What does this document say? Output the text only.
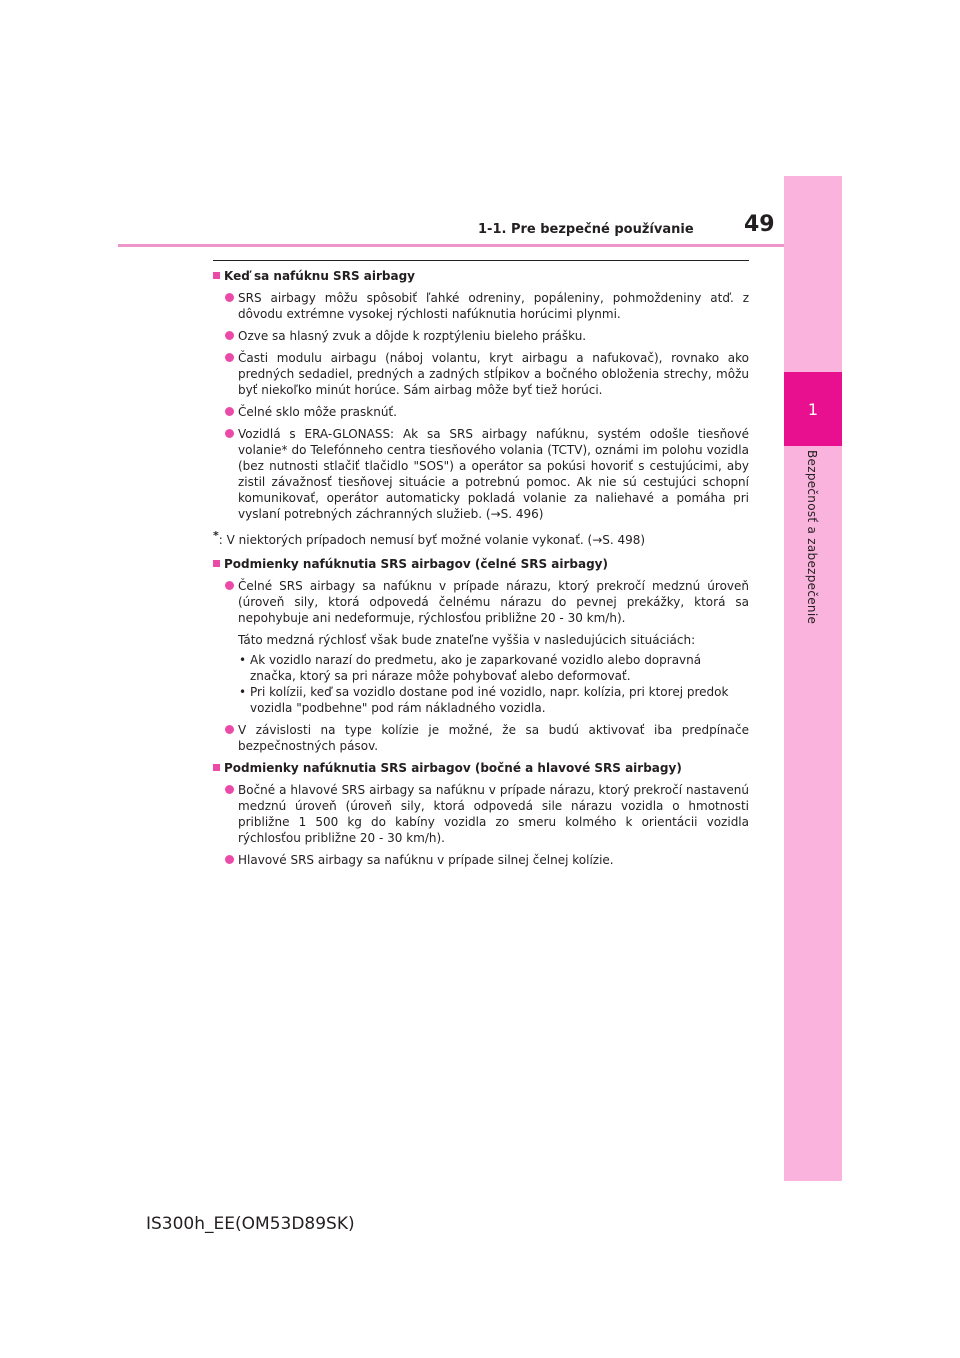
1
Bezpečnosť a zabezpečenie
1-1. Pre bezpečné používanie 49
Keď sa nafúknu SRS airbagy
SRS airbagy môžu spôsobiť ľahké odreniny, popáleniny, pohmoždeniny atď. z dôvodu extrémne vysokej rýchlosti nafúknutia horúcimi plynmi.
Ozve sa hlasný zvuk a dôjde k rozptýleniu bieleho prášku.
Časti modulu airbagu (náboj volantu, kryt airbagu a nafukovač), rovnako ako predných sedadiel, predných a zadných stĺpikov a bočného obloženia strechy, môžu byť niekoľko minút horúce. Sám airbag môže byť tiež horúci.
Čelné sklo môže prasknúť.
Vozidlá s ERA-GLONASS: Ak sa SRS airbagy nafúknu, systém odošle tiesňové volanie* do Telefónneho centra tiesňového volania (TCTV), oznámi im polohu vozidla (bez nutnosti stlačiť tlačidlo "SOS") a operátor sa pokúsi hovoriť s cestujúcimi, aby zistil závažnosť tiesňovej situácie a potrebnú pomoc. Ak nie sú cestujúci schopní komunikovať, operátor automaticky pokladá volanie za naliehavé a pomáha pri vyslaní potrebných záchranných služieb. (→S. 496)
*: V niektorých prípadoch nemusí byť možné volanie vykonať. (→S. 498)
Podmienky nafúknutia SRS airbagov (čelné SRS airbagy)
Čelné SRS airbagy sa nafúknu v prípade nárazu, ktorý prekročí medznú úroveň (úroveň sily, ktorá odpovedá čelnému nárazu do pevnej prekážky, ktorá sa nepohybuje ani nedeformuje, rýchlosťou približne 20 - 30 km/h).
Táto medzná rýchlosť však bude znateľne vyššia v nasledujúcich situáciách:
• Ak vozidlo narazí do predmetu, ako je zaparkované vozidlo alebo dopravná značka, ktorý sa pri náraze môže pohybovať alebo deformovať.
• Pri kolízii, keď sa vozidlo dostane pod iné vozidlo, napr. kolízia, pri ktorej predok vozidla "podbehne" pod rám nákladného vozidla.
V závislosti na type kolízie je možné, že sa budú aktivovať iba predpínače bezpečnostných pásov.
Podmienky nafúknutia SRS airbagov (bočné a hlavové SRS airbagy)
Bočné a hlavové SRS airbagy sa nafúknu v prípade nárazu, ktorý prekročí nastavenú medznú úroveň (úroveň sily, ktorá odpovedá sile nárazu vozidla o hmotnosti približne 1 500 kg do kabíny vozidla zo smeru kolmého k orientácii vozidla rýchlosťou približne 20 - 30 km/h).
Hlavové SRS airbagy sa nafúknu v prípade silnej čelnej kolízie.
IS300h_EE(OM53D89SK)
